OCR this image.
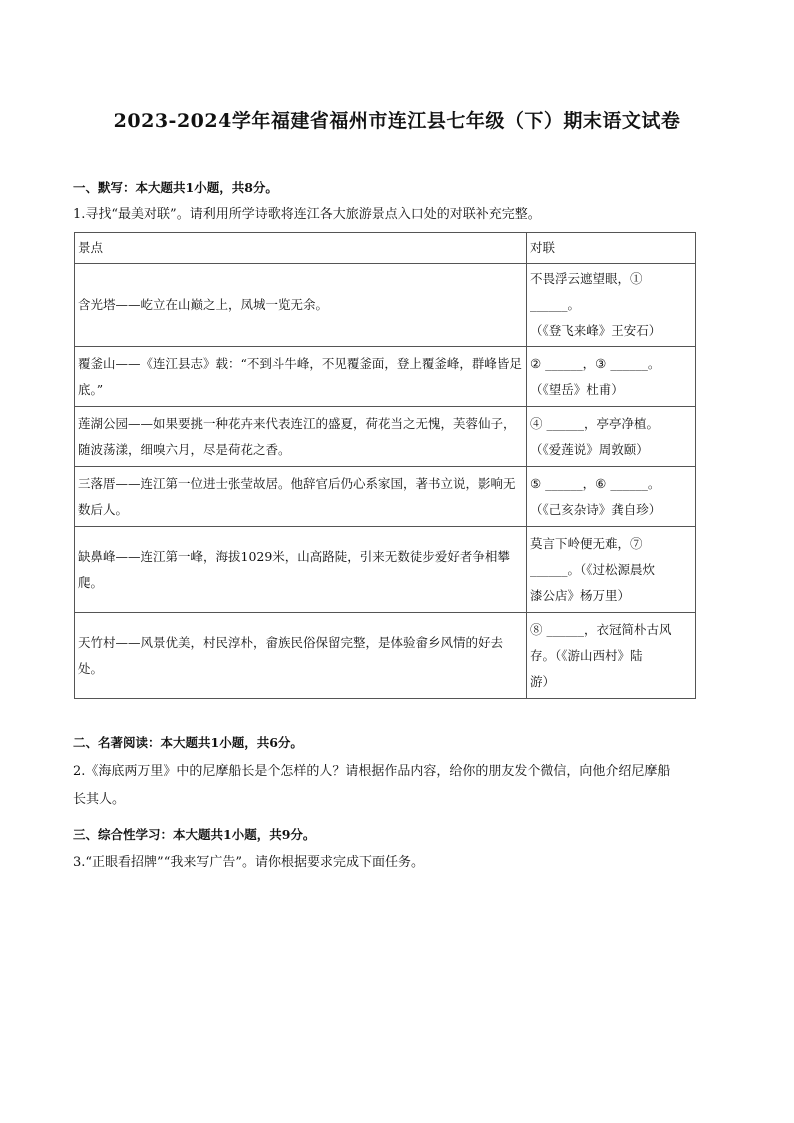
2023-2024学年福建省福州市连江县七年级（下）期末语文试卷
一、默写：本大题共1小题，共8分。
1.寻找“最美对联”。请利用所学诗歌将连江各大旅游景点入口处的对联补充完整。
景点	对联
含光塔——屹立在山巅之上，凤城一览无余。	不畏浮云遮望眼，①
______。
（《登飞来峰》王安石）

覆釜山——《连江县志》载：“不到斗牛峰，不见覆釜面，登上覆釜峰，群峰皆足底。”	② ______，③ ______。
（《望岳》杜甫）

莲湖公园——如果要挑一种花卉来代表连江的盛夏，荷花当之无愧，芙蓉仙子，随波荡漾，细嗅六月，尽是荷花之香。	④ ______，亭亭净植。
（《爱莲说》周敦颐）

三落厝——连江第一位进士张莹故居。他辞官后仍心系家国，著书立说，影响无数后人。	⑤ ______，⑥ ______。
（《己亥杂诗》龚自珍）

缺鼻峰——连江第一峰，海拔1029米，山高路陡，引来无数徒步爱好者争相攀爬。	莫言下岭便无难，⑦
______。（《过松源晨炊
漆公店》杨万里）

天竹村——风景优美，村民淳朴，畲族民俗保留完整，是体验畲乡风情的好去处。	⑧ ______，衣冠简朴古风
存。（《游山西村》陆
游）
二、名著阅读：本大题共1小题，共6分。
2.《海底两万里》中的尼摩船长是个怎样的人？请根据作品内容，给你的朋友发个微信，向他介绍尼摩船
长其人。
三、综合性学习：本大题共1小题，共9分。
3.“正眼看招牌”“我来写广告”。请你根据要求完成下面任务。
